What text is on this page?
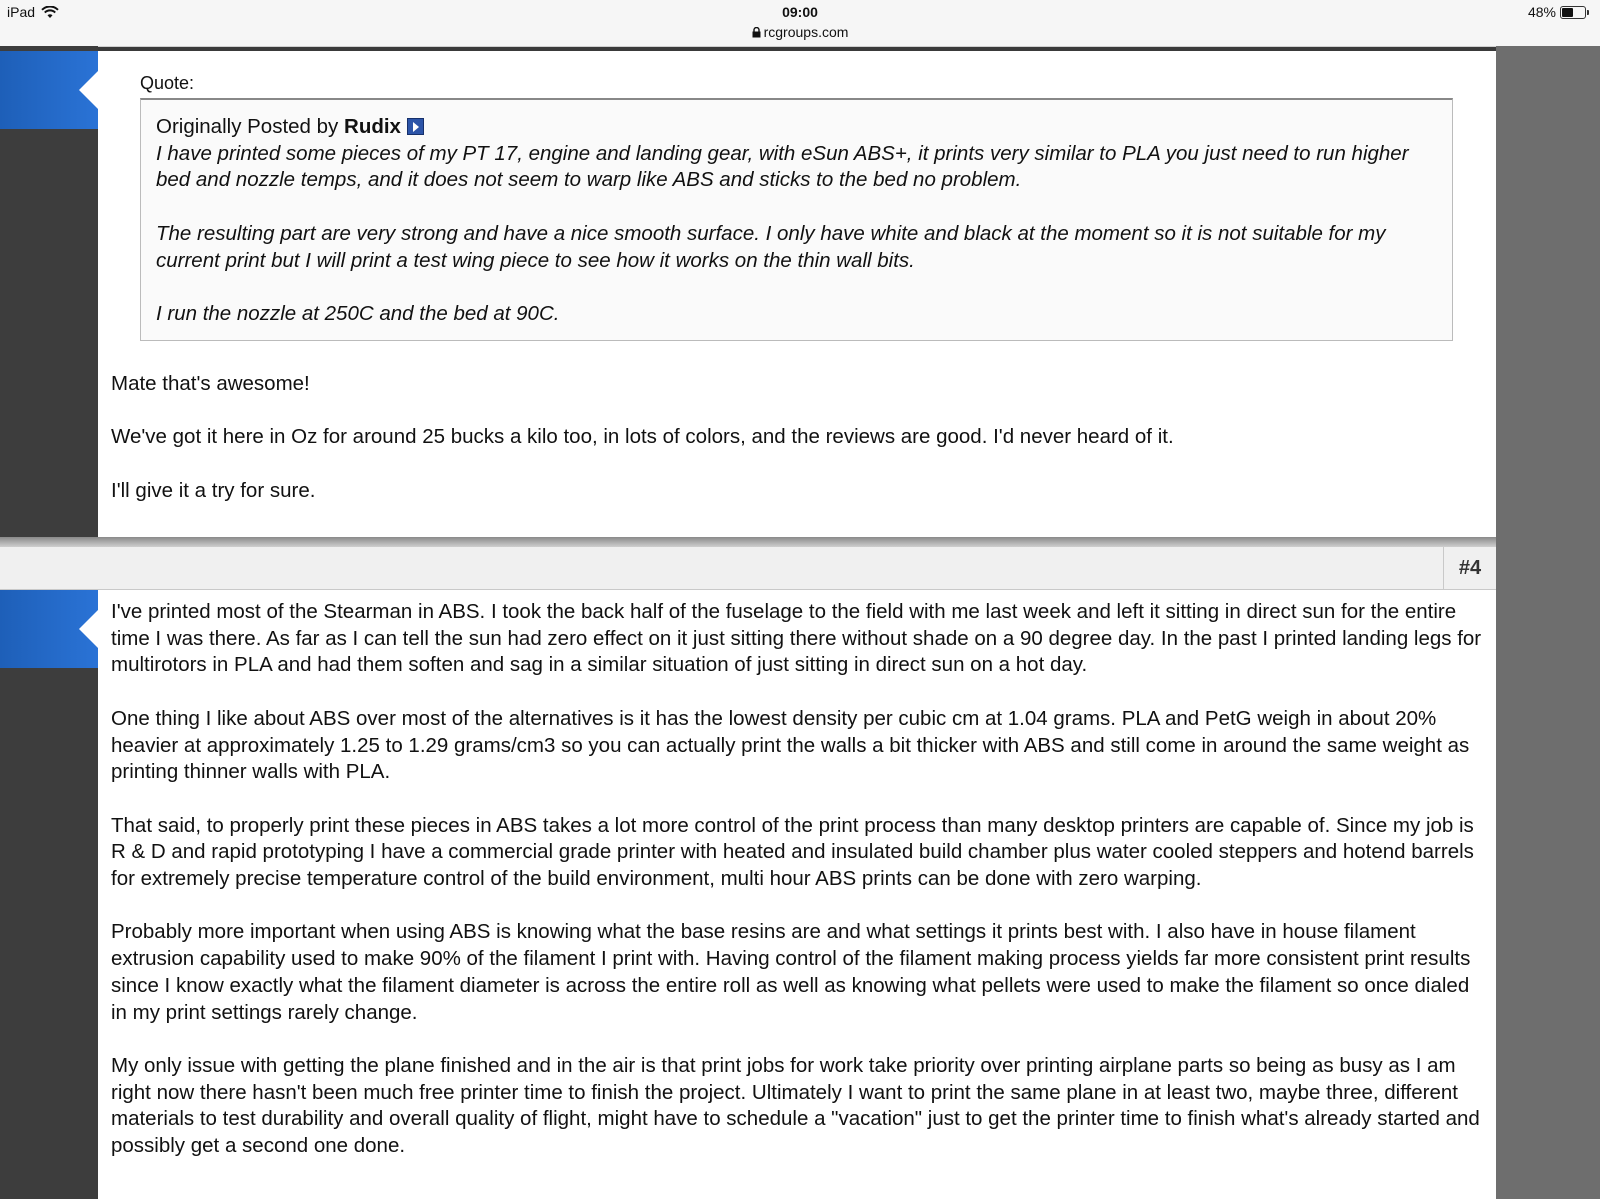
iPad	09:00
rcgroups.com
48%
Quote:
Originally Posted by Rudix

I have printed some pieces of my PT 17, engine and landing gear, with eSun ABS+, it prints very similar to PLA you just need to run higher bed and nozzle temps, and it does not seem to warp like ABS and sticks to the bed no problem.

The resulting part are very strong and have a nice smooth surface. I only have white and black at the moment so it is not suitable for my current print but I will print a test wing piece to see how it works on the thin wall bits.

I run the nozzle at 250C and the bed at 90C.

Mate that's awesome!

We've got it here in Oz for around 25 bucks a kilo too, in lots of colors, and the reviews are good. I'd never heard of it.

I'll give it a try for sure.

#4

I've printed most of the Stearman in ABS. I took the back half of the fuselage to the field with me last week and left it sitting in direct sun for the entire time I was there. As far as I can tell the sun had zero effect on it just sitting there without shade on a 90 degree day. In the past I printed landing legs for multirotors in PLA and had them soften and sag in a similar situation of just sitting in direct sun on a hot day.

One thing I like about ABS over most of the alternatives is it has the lowest density per cubic cm at 1.04 grams. PLA and PetG weigh in about 20% heavier at approximately 1.25 to 1.29 grams/cm3 so you can actually print the walls a bit thicker with ABS and still come in around the same weight as printing thinner walls with PLA.

That said, to properly print these pieces in ABS takes a lot more control of the print process than many desktop printers are capable of. Since my job is R & D and rapid prototyping I have a commercial grade printer with heated and insulated build chamber plus water cooled steppers and hotend barrels for extremely precise temperature control of the build environment, multi hour ABS prints can be done with zero warping.

Probably more important when using ABS is knowing what the base resins are and what settings it prints best with. I also have in house filament extrusion capability used to make 90% of the filament I print with. Having control of the filament making process yields far more consistent print results since I know exactly what the filament diameter is across the entire roll as well as knowing what pellets were used to make the filament so once dialed in my print settings rarely change.

My only issue with getting the plane finished and in the air is that print jobs for work take priority over printing airplane parts so being as busy as I am right now there hasn't been much free printer time to finish the project. Ultimately I want to print the same plane in at least two, maybe three, different materials to test durability and overall quality of flight, might have to schedule a "vacation" just to get the printer time to finish what's already started and possibly get a second one done.
